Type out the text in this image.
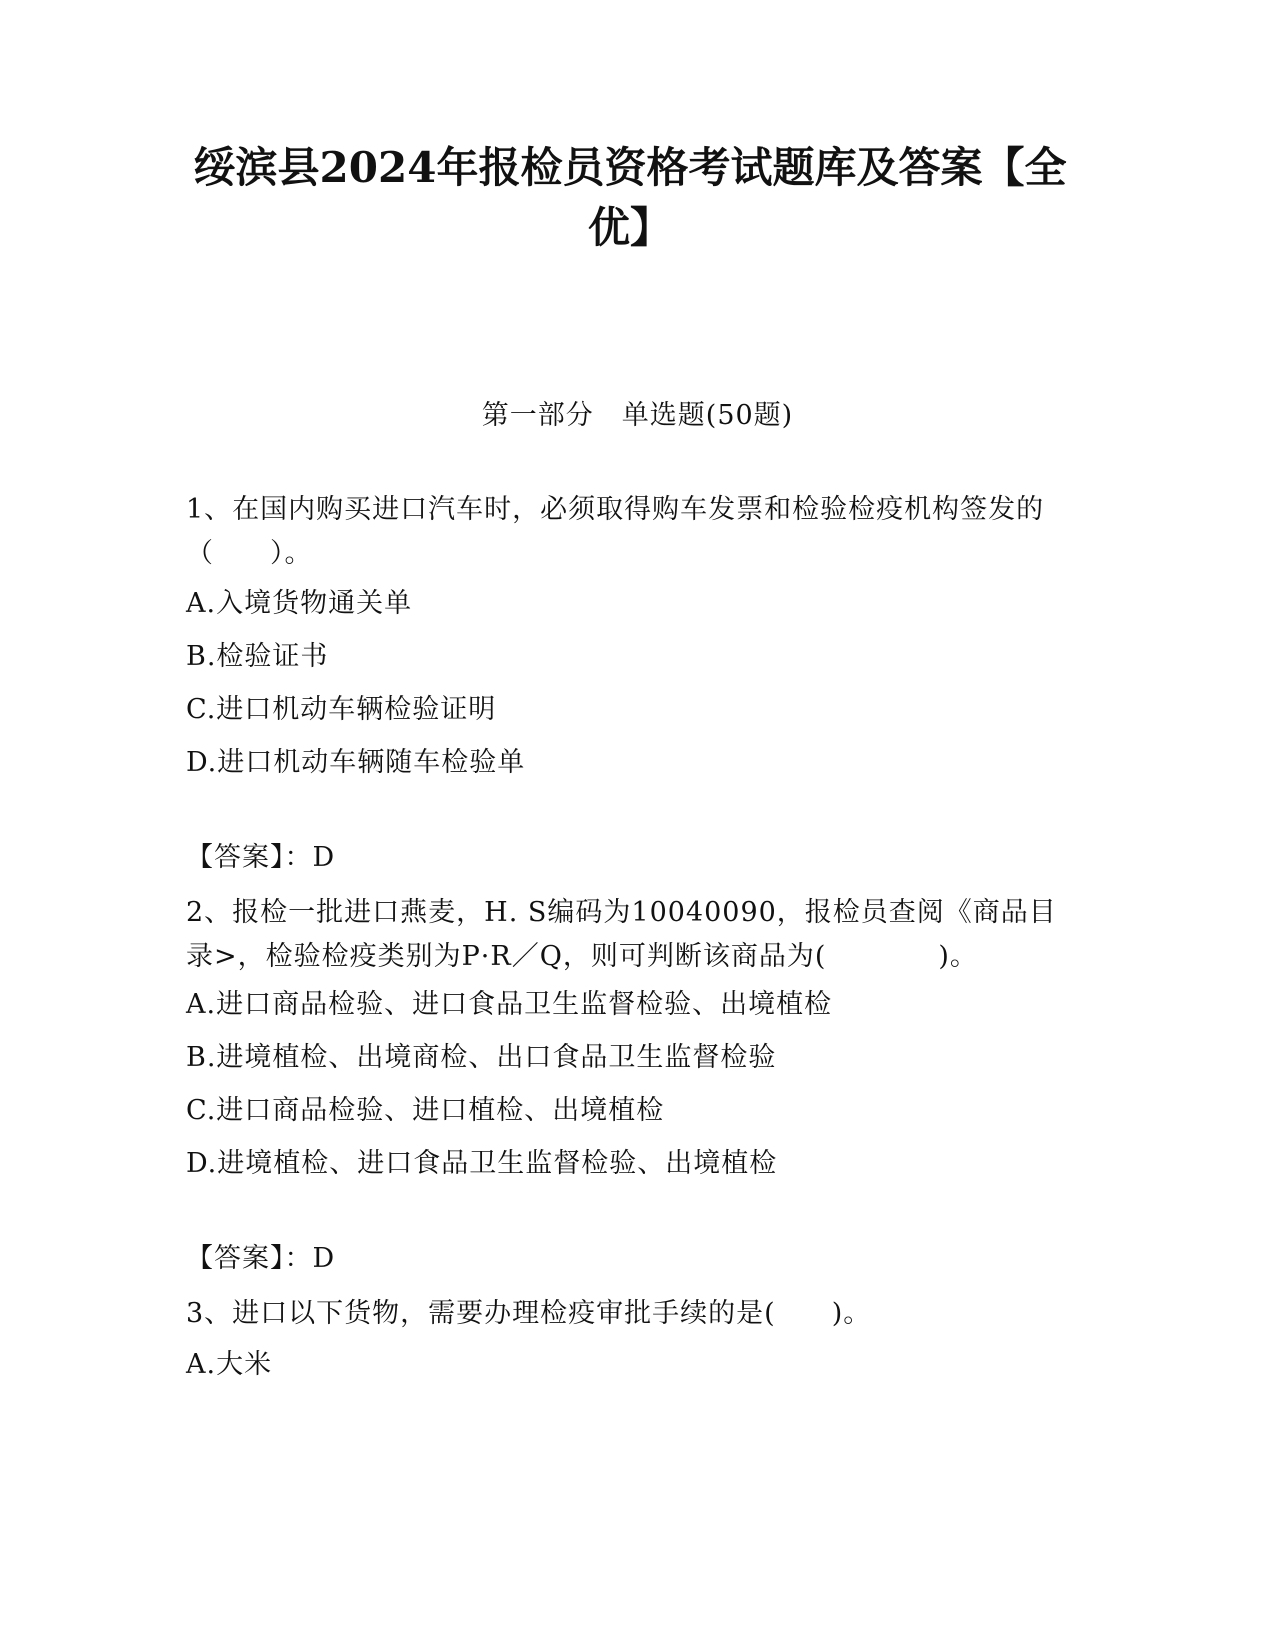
绥滨县2024年报检员资格考试题库及答案【全优】
第一部分 单选题(50题)

1、在国内购买进口汽车时，必须取得购车发票和检验检疫机构签发的（　　）。

A.入境货物通关单

B.检验证书

C.进口机动车辆检验证明

D.进口机动车辆随车检验单

【答案】：D

2、报检一批进口燕麦，H. S编码为10040090，报检员查阅《商品目录>，检验检疫类别为P·R／Q，则可判断该商品为(　　　　)。

A.进口商品检验、进口食品卫生监督检验、出境植检

B.进境植检、出境商检、出口食品卫生监督检验

C.进口商品检验、进口植检、出境植检

D.进境植检、进口食品卫生监督检验、出境植检

【答案】：D

3、进口以下货物，需要办理检疫审批手续的是(　　)。

A.大米
